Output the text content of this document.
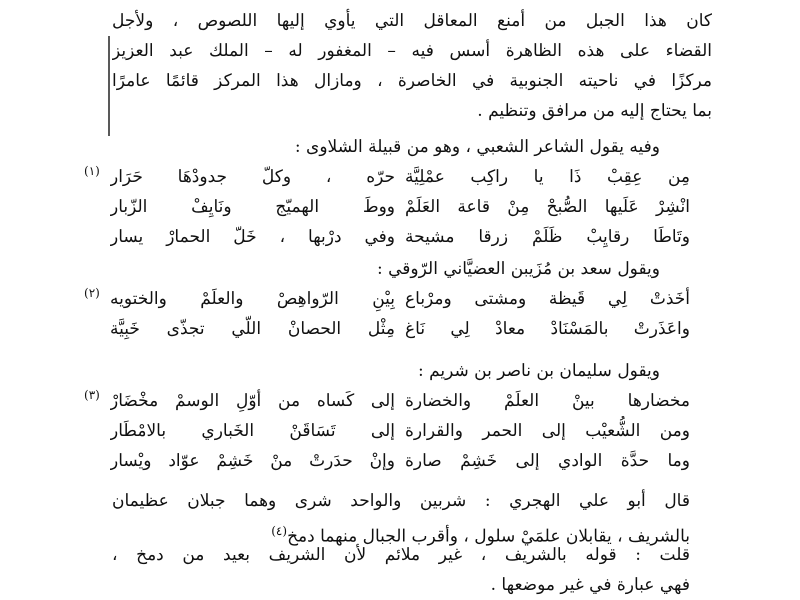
كان هذا الجبل من أمنع المعاقل التي يأوي إليها اللصوص ، ولأجل
القضاء على هذه الظاهرة أسس فيه – المغفور له – الملك عبد العزيز
مركزًا في ناحيته الجنوبية في الخاصرة ، ومازال هذا المركز قائمًا عامرًا
بما يحتاج إليه من مرافق وتنظيم .
وفيه يقول الشاعر الشعبي ، وهو من قبيلة الشلاوى :
مِن عِقِبْ ذَا يا راكِب عمْلِيَّة
حرّه ، وكلّ جدودْهَا حَرَار
(١)
انْشِرْ عَلَيها الصُّبحْ مِنْ قاعة العَلَمْ
ووطَ الهميّج ونَايِفْ الزّبار
وتَاطَا رقايِبْ ظَلَمْ زرقا مشيحة
وفي درْبها ، خَلّ الحمارْ يسار
ويقول سعد بن مُزَيبن العضيَّاني الرّوقي :
أخَذتْ لِي قَيظة ومشتى ومرْباع
بِيْنِ الرّواهِصْ والعلَمْ والختويه
(٢)
واعَذَرتْ بالمَسْنَادْ معادْ لِي نَاغ
مِثْل الحصانْ اللّي تجذّى خَبِيَّة
ويقول سليمان بن ناصر بن شريم :
مخضارها بينْ العلَمْ والخضارة
إلى كَساه من أوّلِ الوسمْ مخْضَارْ
(٣)
ومن الشُّعيْب إلى الحمر والقرارة
إلى تَسَاقَنْ الخَباري بالامْطَار
وما حدَّة الوادي إلى خَشِمْ صارة
وإنْ حدَرتْ منْ خَشِمْ عوّاد ويْسار
قال أبو علي الهجري : شربين والواحد شرى وهما جبلان عظيمان
بالشريف ، يقابلان علمَيْ سلول ، وأقرب الجبال منهما دمخ(٤)
قلت : قوله بالشريف ، غير ملائم لأن الشريف بعيد من دمخ ،
فهي عبارة في غير موضعها .
